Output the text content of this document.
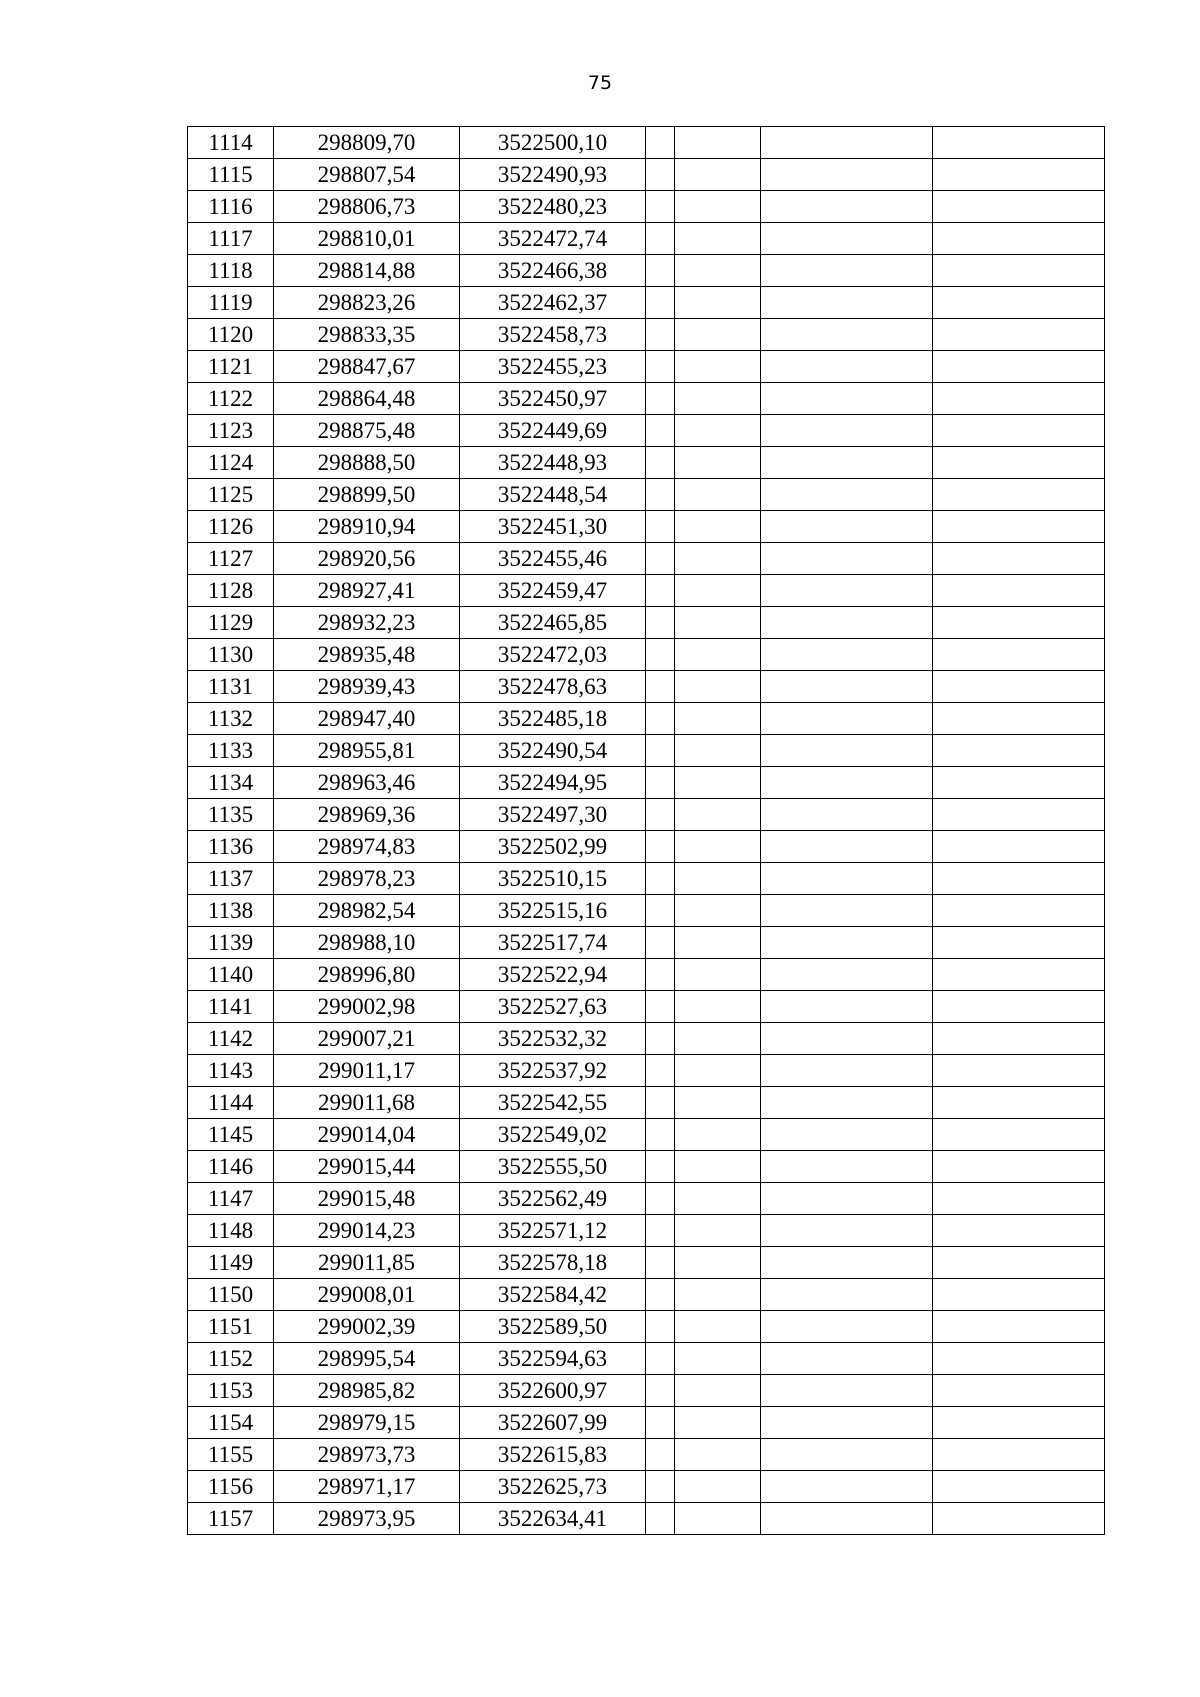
75
1114	298809,70	3522500,10				
1115	298807,54	3522490,93				
1116	298806,73	3522480,23				
1117	298810,01	3522472,74				
1118	298814,88	3522466,38				
1119	298823,26	3522462,37				
1120	298833,35	3522458,73				
1121	298847,67	3522455,23				
1122	298864,48	3522450,97				
1123	298875,48	3522449,69				
1124	298888,50	3522448,93				
1125	298899,50	3522448,54				
1126	298910,94	3522451,30				
1127	298920,56	3522455,46				
1128	298927,41	3522459,47				
1129	298932,23	3522465,85				
1130	298935,48	3522472,03				
1131	298939,43	3522478,63				
1132	298947,40	3522485,18				
1133	298955,81	3522490,54				
1134	298963,46	3522494,95				
1135	298969,36	3522497,30				
1136	298974,83	3522502,99				
1137	298978,23	3522510,15				
1138	298982,54	3522515,16				
1139	298988,10	3522517,74				
1140	298996,80	3522522,94				
1141	299002,98	3522527,63				
1142	299007,21	3522532,32				
1143	299011,17	3522537,92				
1144	299011,68	3522542,55				
1145	299014,04	3522549,02				
1146	299015,44	3522555,50				
1147	299015,48	3522562,49				
1148	299014,23	3522571,12				
1149	299011,85	3522578,18				
1150	299008,01	3522584,42				
1151	299002,39	3522589,50				
1152	298995,54	3522594,63				
1153	298985,82	3522600,97				
1154	298979,15	3522607,99				
1155	298973,73	3522615,83				
1156	298971,17	3522625,73				
1157	298973,95	3522634,41				
